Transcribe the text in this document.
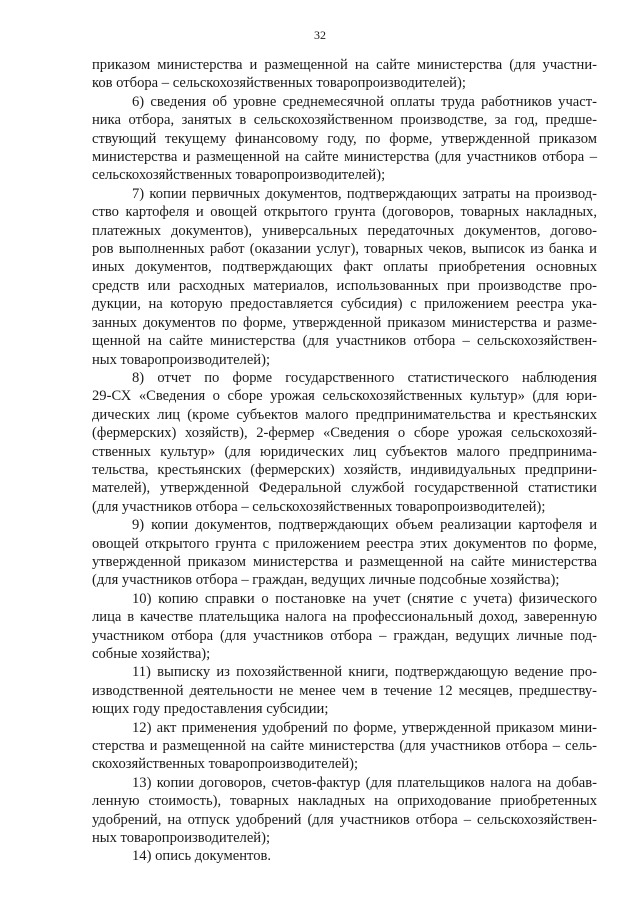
32
приказом министерства и размещенной на сайте министерства (для участни-
ков отбора – сельскохозяйственных товаропроизводителей);
6) сведения об уровне среднемесячной оплаты труда работников участ-
ника отбора, занятых в сельскохозяйственном производстве, за год, предше-
ствующий текущему финансовому году, по форме, утвержденной приказом
министерства и размещенной на сайте министерства (для участников отбора –
сельскохозяйственных товаропроизводителей);
7) копии первичных документов, подтверждающих затраты на производ-
ство картофеля и овощей открытого грунта (договоров, товарных накладных,
платежных документов), универсальных передаточных документов, догово-
ров выполненных работ (оказании услуг), товарных чеков, выписок из банка и
иных документов, подтверждающих факт оплаты приобретения основных
средств или расходных материалов, использованных при производстве про-
дукции, на которую предоставляется субсидия) с приложением реестра ука-
занных документов по форме, утвержденной приказом министерства и разме-
щенной на сайте министерства (для участников отбора – сельскохозяйствен-
ных товаропроизводителей);
8) отчет по форме государственного статистического наблюдения
29-СХ «Сведения о сборе урожая сельскохозяйственных культур» (для юри-
дических лиц (кроме субъектов малого предпринимательства и крестьянских
(фермерских) хозяйств), 2-фермер «Сведения о сборе урожая сельскохозяй-
ственных культур» (для юридических лиц субъектов малого предпринима-
тельства, крестьянских (фермерских) хозяйств, индивидуальных предприни-
мателей), утвержденной Федеральной службой государственной статистики
(для участников отбора – сельскохозяйственных товаропроизводителей);
9) копии документов, подтверждающих объем реализации картофеля и
овощей открытого грунта с приложением реестра этих документов по форме,
утвержденной приказом министерства и размещенной на сайте министерства
(для участников отбора – граждан, ведущих личные подсобные хозяйства);
10) копию справки о постановке на учет (снятие с учета) физического
лица в качестве плательщика налога на профессиональный доход, заверенную
участником отбора (для участников отбора – граждан, ведущих личные под-
собные хозяйства);
11) выписку из похозяйственной книги, подтверждающую ведение про-
изводственной деятельности не менее чем в течение 12 месяцев, предшеству-
ющих году предоставления субсидии;
12) акт применения удобрений по форме, утвержденной приказом мини-
стерства и размещенной на сайте министерства (для участников отбора – сель-
скохозяйственных товаропроизводителей);
13) копии договоров, счетов-фактур (для плательщиков налога на добав-
ленную стоимость), товарных накладных на оприходование приобретенных
удобрений, на отпуск удобрений (для участников отбора – сельскохозяйствен-
ных товаропроизводителей);
14) опись документов.
